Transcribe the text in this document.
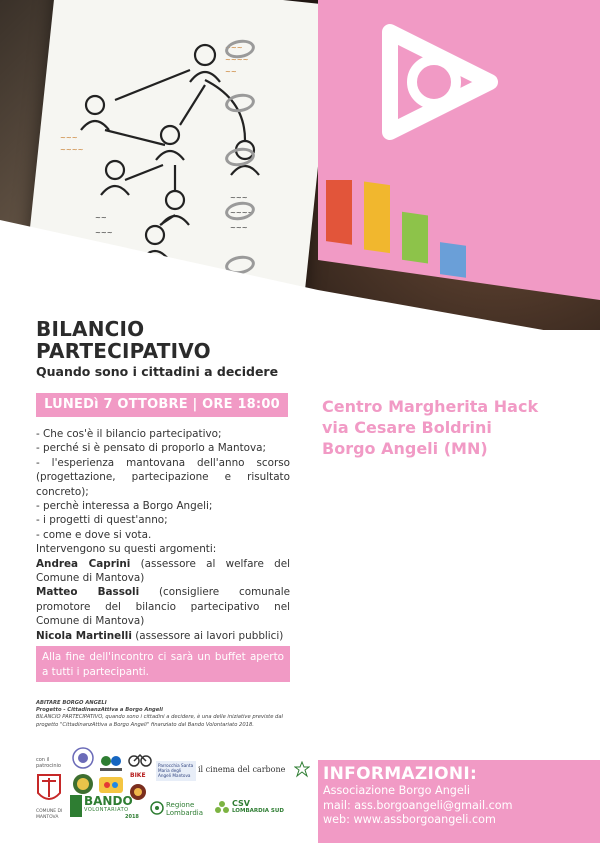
~~~
~~~~
~~
~~~
~~~~
~~~
~~~~
~~~
~~
~~~
BILANCIO
PARTECIPATIVO
Quando sono i cittadini a decidere
LUNEDì 7 OTTOBRE | ORE 18:00
- Che cos'è il bilancio partecipativo;
- perché si è pensato di proporlo a Mantova;
- l'esperienza mantovana dell'anno scorso (progettazione, partecipazione e risultato concreto);
- perchè interessa a Borgo Angeli;
- i progetti di quest'anno;
- come e dove si vota.
Intervengono su questi argomenti:
Andrea Caprini (assessore al welfare del Comune di Mantova)
Matteo Bassoli (consigliere comunale promotore del bilancio partecipativo nel Comune di Mantova)
Nicola Martinelli (assessore ai lavori pubblici)
Alla fine dell'incontro ci sarà un buffet aperto a tutti i partecipanti.
ABITARE BORGO ANGELI
Progetto - CittadinanzAttiva a Borgo Angeli
BILANCIO PARTECIPATIVO, quando sono i cittadini a decidere, è una delle iniziative previste dal progetto "CittadinanzAttiva a Borgo Angeli" finanziato dal Bando Volontariato 2018.
con il patrocinio
COMUNE DI MANTOVA
BIKE
Parrocchia Santa Maria degli Angeli Mantova
il cinema del carbone
BANDO
VOLONTARIATO
2018
Regione Lombardia
CSV
LOMBARDIA SUD
Centro Margherita Hack
via Cesare Boldrini
Borgo Angeli (MN)
INFORMAZIONI:
Associazione Borgo Angeli
mail: ass.borgoangeli@gmail.com
web: www.assborgoangeli.com
